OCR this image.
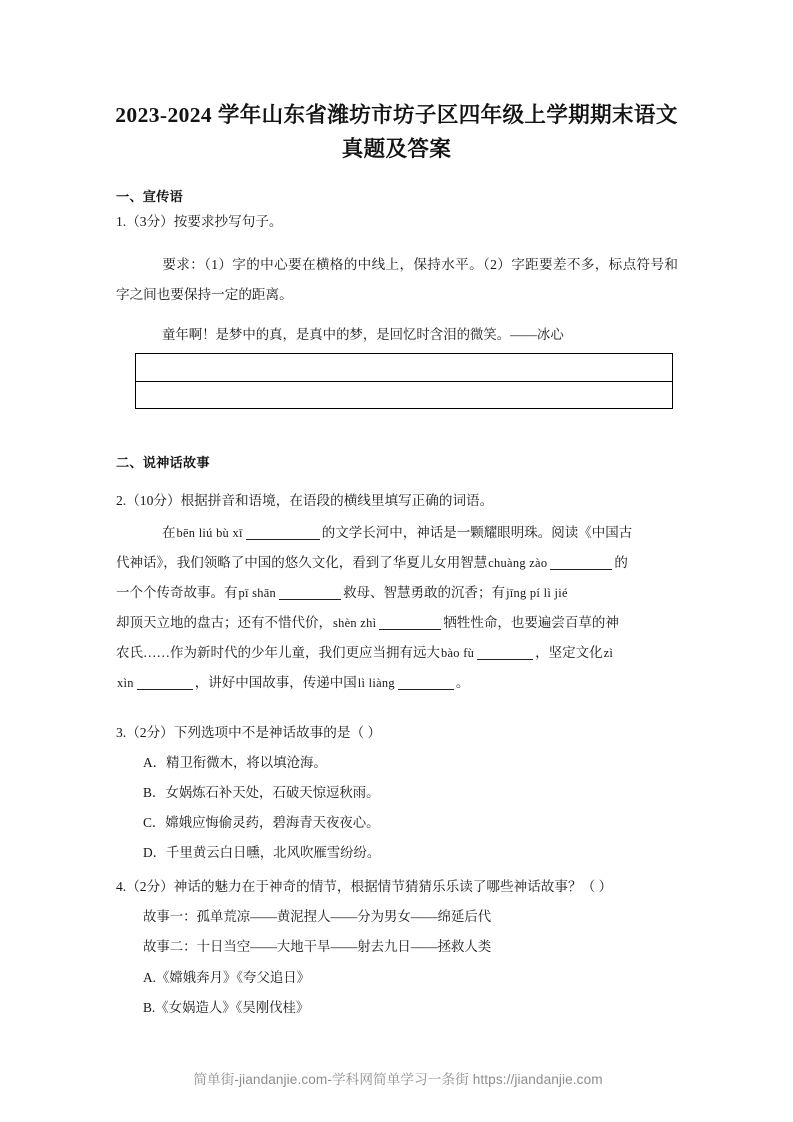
2023-2024 学年山东省潍坊市坊子区四年级上学期期末语文
真题及答案
一、宣传语
1.（3分）按要求抄写句子。
要求：（1）字的中心要在横格的中线上，保持水平。（2）字距要差不多，标点符号和字之间也要保持一定的距离。
童年啊！是梦中的真，是真中的梦，是回忆时含泪的微笑。——冰心
二、说神话故事
2.（10分）根据拼音和语境，在语段的横线里填写正确的词语。
在bēn liú bù xī	的文学长河中，神话是一颗耀眼明珠。阅读《中国古
代神话》，我们领略了中国的悠久文化，看到了华夏儿女用智慧chuàng zào	的
一个个传奇故事。有pī shān	救母、智慧勇敢的沉香；有jīng pí lì jié
却顶天立地的盘古；还有不惜代价，shèn zhì	牺牲性命，也要遍尝百草的神
农氏……作为新时代的少年儿童，我们更应当拥有远大bào fù	，坚定文化zì
xìn	，讲好中国故事，传递中国lì liàng	。
3.（2分）下列选项中不是神话故事的是（ ）
A．精卫衔微木，将以填沧海。
B．女娲炼石补天处，石破天惊逗秋雨。
C．嫦娥应悔偷灵药，碧海青天夜夜心。
D．千里黄云白日曛，北风吹雁雪纷纷。
4.（2分）神话的魅力在于神奇的情节，根据情节猜猜乐乐读了哪些神话故事？（ ）
故事一：孤单荒凉——黄泥捏人——分为男女——绵延后代
故事二：十日当空——大地干旱——射去九日——拯救人类
A.《嫦娥奔月》《夸父追日》
B.《女娲造人》《吴刚伐桂》
简单街-jiandanjie.com-学科网简单学习一条街 https://jiandanjie.com
